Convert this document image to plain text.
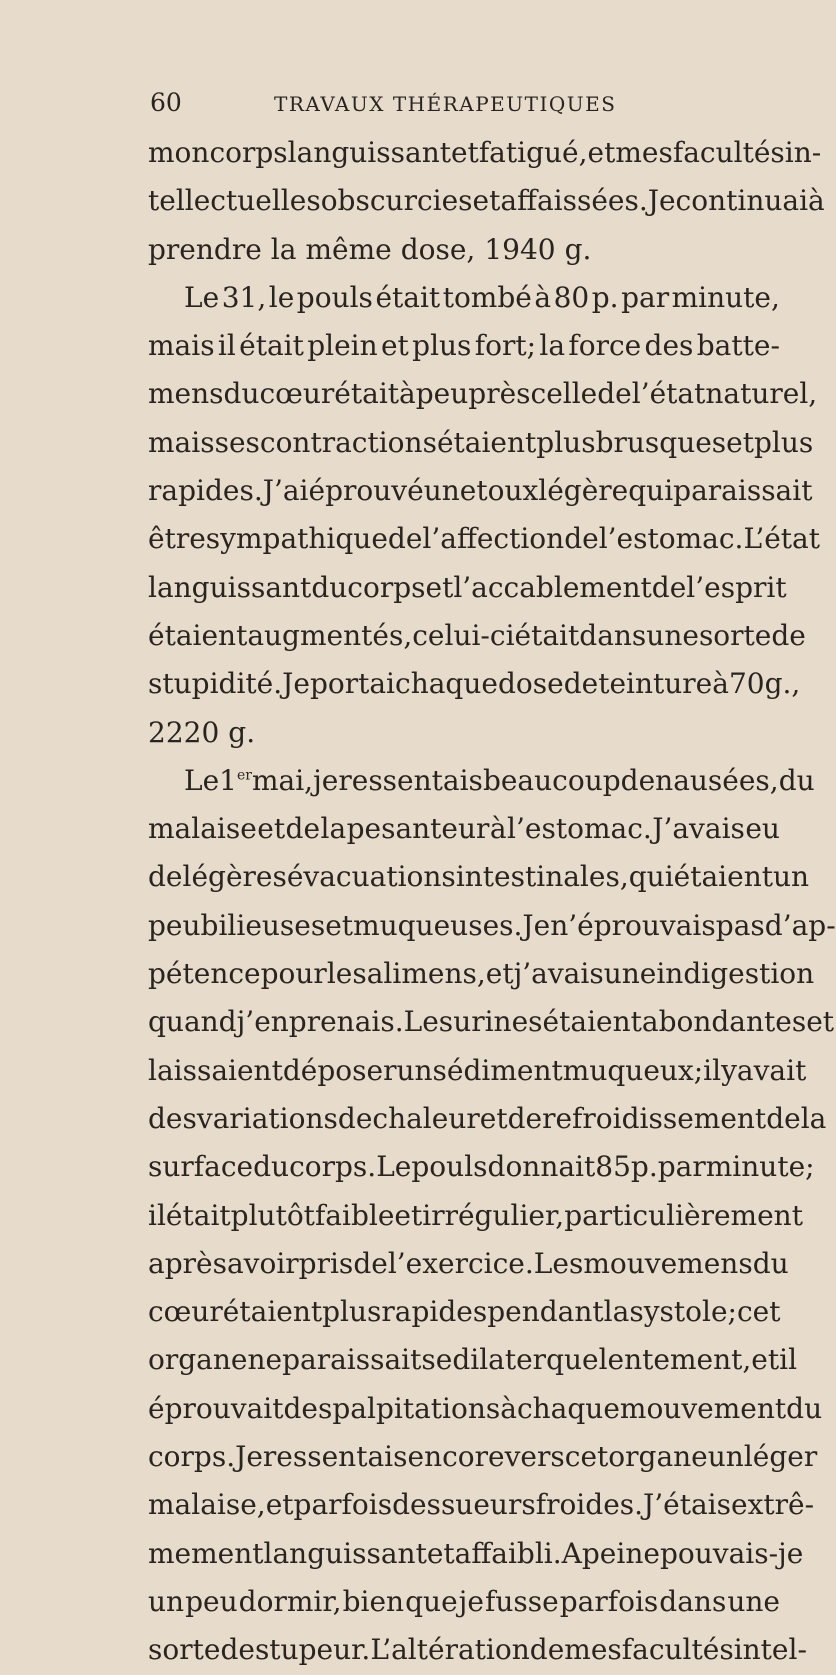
60	TRAVAUX THÉRAPEUTIQUES
mon corps languissant et fatigué, et mes facultés in-
tellectuelles obscurcies et affaissées. Je continuai à
prendre la même dose, 1940 g.
Le 31, le pouls était tombé à 80 p. par minute,
mais il était plein et plus fort; la force des batte-
mens du cœur était à peu près celle de l’état naturel,
mais ses contractions étaient plus brusques et plus
rapides. J’ai éprouvé une toux légère qui paraissait
être sympathique de l’affection de l’estomac. L’état
languissant du corps et l’accablement de l’esprit
étaient augmentés, celui-ci était dans une sorte de
stupidité. Je portai chaque dose de teinture à 70 g.,
2220 g.
Le 1er mai, je ressentais beaucoup de nausées, du
malaise et de la pesanteur à l’estomac. J’avais eu
de légères évacuations intestinales, qui étaient un
peu bilieuses et muqueuses. Je n’éprouvais pas d’ap-
pétence pour les alimens, et j’avais une indigestion
quand j’en prenais. Les urines étaient abondantes et
laissaient déposer un sédiment muqueux; il y avait
des variations de chaleur et de refroidissement de la
surface du corps. Le pouls donnait 85 p. par minute;
il était plutôt faible et irrégulier, particulièrement
après avoir pris de l’exercice. Les mouvemens du
cœur étaient plus rapides pendant la systole; cet
organe ne paraissait se dilater que lentement, et il
éprouvait des palpitations à chaque mouvement du
corps. Je ressentais encore vers cet organe un léger
malaise, et parfois des sueurs froides. J’étais extrê-
mement languissant et affaibli. A peine pouvais-je
un peu dormir, bien que je fusse parfois dans une
sorte de stupeur. L’altération de mes facultés intel-
